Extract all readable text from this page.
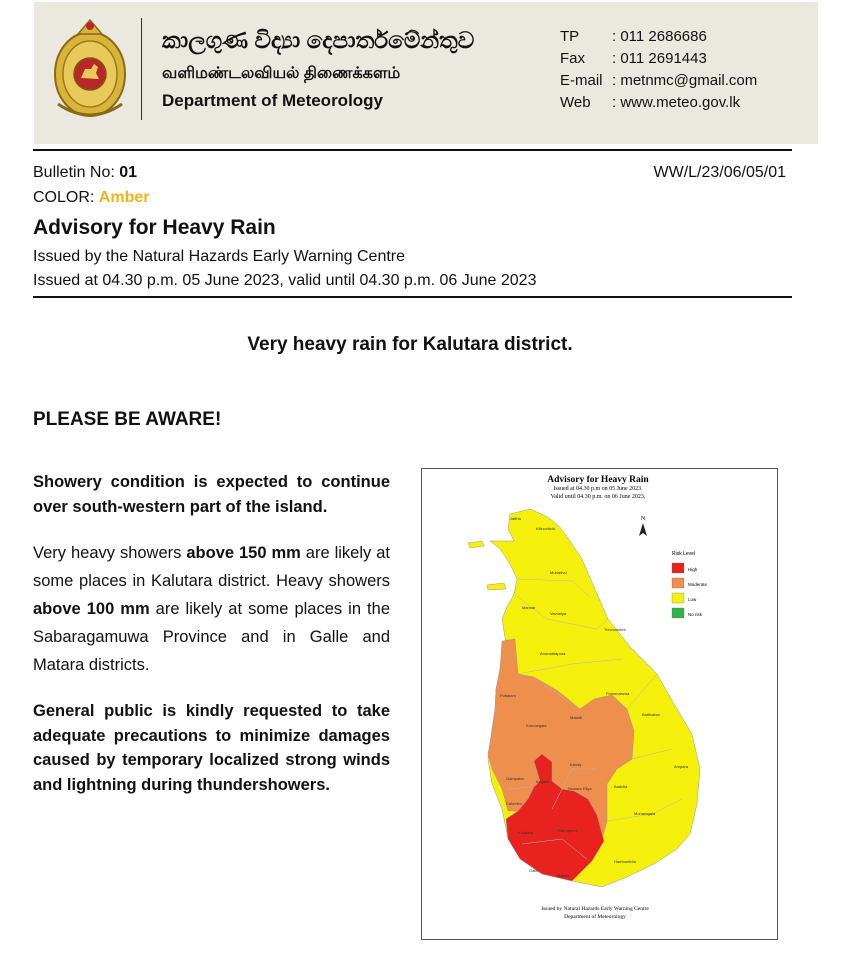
කාලගුණ විද්‍යා දෙපාර්තමේන්තුව
வளிமண்டலவியல் திணைக்களம்
Department of Meteorology
TP : 011 2686686
Fax : 011 2691443
E-mail : metnmc@gmail.com
Web : www.meteo.gov.lk
Bulletin No: 01	WW/L/23/06/05/01
COLOR: Amber
Advisory for Heavy Rain
Issued by the Natural Hazards Early Warning Centre
Issued at 04.30 p.m. 05 June 2023, valid until 04.30 p.m. 06 June 2023
Very heavy rain for Kalutara district.
PLEASE BE AWARE!
Showery condition is expected to continue over south-western part of the island.
Very heavy showers above 150 mm are likely at some places in Kalutara district. Heavy showers above 100 mm are likely at some places in the Sabaragamuwa Province and in Galle and Matara districts.
General public is kindly requested to take adequate precautions to minimize damages caused by temporary localized strong winds and lightning during thundershowers.
Advisory for Heavy Rain
Issued at 04.30 p.m on 05 June 2023.
Valid until 04.30 p.m. on 06 June 2023.
N
Jaffna
Kilinochchi
Mullaitivu
Mannar
Vavuniya
Trincomalee
Anuradhapura
Polonnaruwa
Puttalam
Batticaloa
Kurunegala
Matale
Kandy	Ampara
Gampaha
Kegalle
Nuwara Eliya	Badulla
Colombo
Monaragala
Kalutara	Ratnapura
Hambantota
Galle
Matara
Risk Level
High
Moderate
Low
No risk
Issued by Natural Hazards Early Warning Centre
Department of Meteorology
